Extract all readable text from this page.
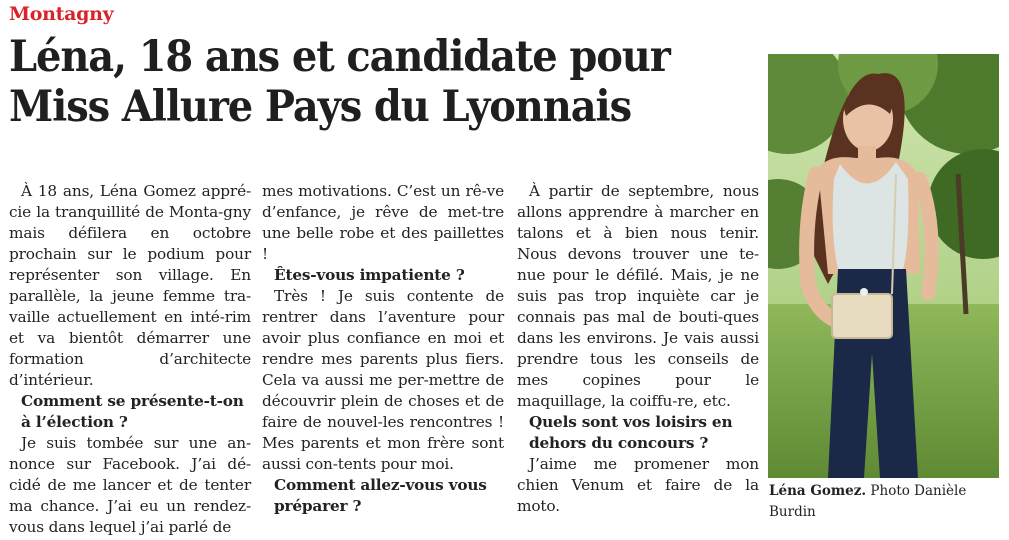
Montagny
Léna, 18 ans et candidate pour
Miss Allure Pays du Lyonnais

À 18 ans, Léna Gomez appré-cie la tranquillité de Monta-gny mais défilera en octobre prochain sur le podium pour représenter son village. En parallèle, la jeune femme tra-vaille actuellement en inté-rim et va bientôt démarrer une formation d’architecte d’intérieur.

Comment se présente-t-on à l’élection ?

Je suis tombée sur une an-nonce sur Facebook. J’ai dé-cidé de me lancer et de tenter ma chance. J’ai eu un rendez-vous dans lequel j’ai parlé de

mes motivations. C’est un rê-ve d’enfance, je rêve de met-tre une belle robe et des paillettes !

Êtes-vous impatiente ?

Très ! Je suis contente de rentrer dans l’aventure pour avoir plus confiance en moi et rendre mes parents plus fiers. Cela va aussi me per-mettre de découvrir plein de choses et de faire de nouvel-les rencontres ! Mes parents et mon frère sont aussi con-tents pour moi.

Comment allez-vous vous préparer ?

À partir de septembre, nous allons apprendre à marcher en talons et à bien nous tenir. Nous devons trouver une te-nue pour le défilé. Mais, je ne suis pas trop inquiète car je connais pas mal de bouti-ques dans les environs. Je vais aussi prendre tous les conseils de mes copines pour le maquillage, la coiffu-re, etc.

Quels sont vos loisirs en dehors du concours ?

J’aime me promener mon chien Venum et faire de la moto.

Léna Gomez. Photo Danièle Burdin
